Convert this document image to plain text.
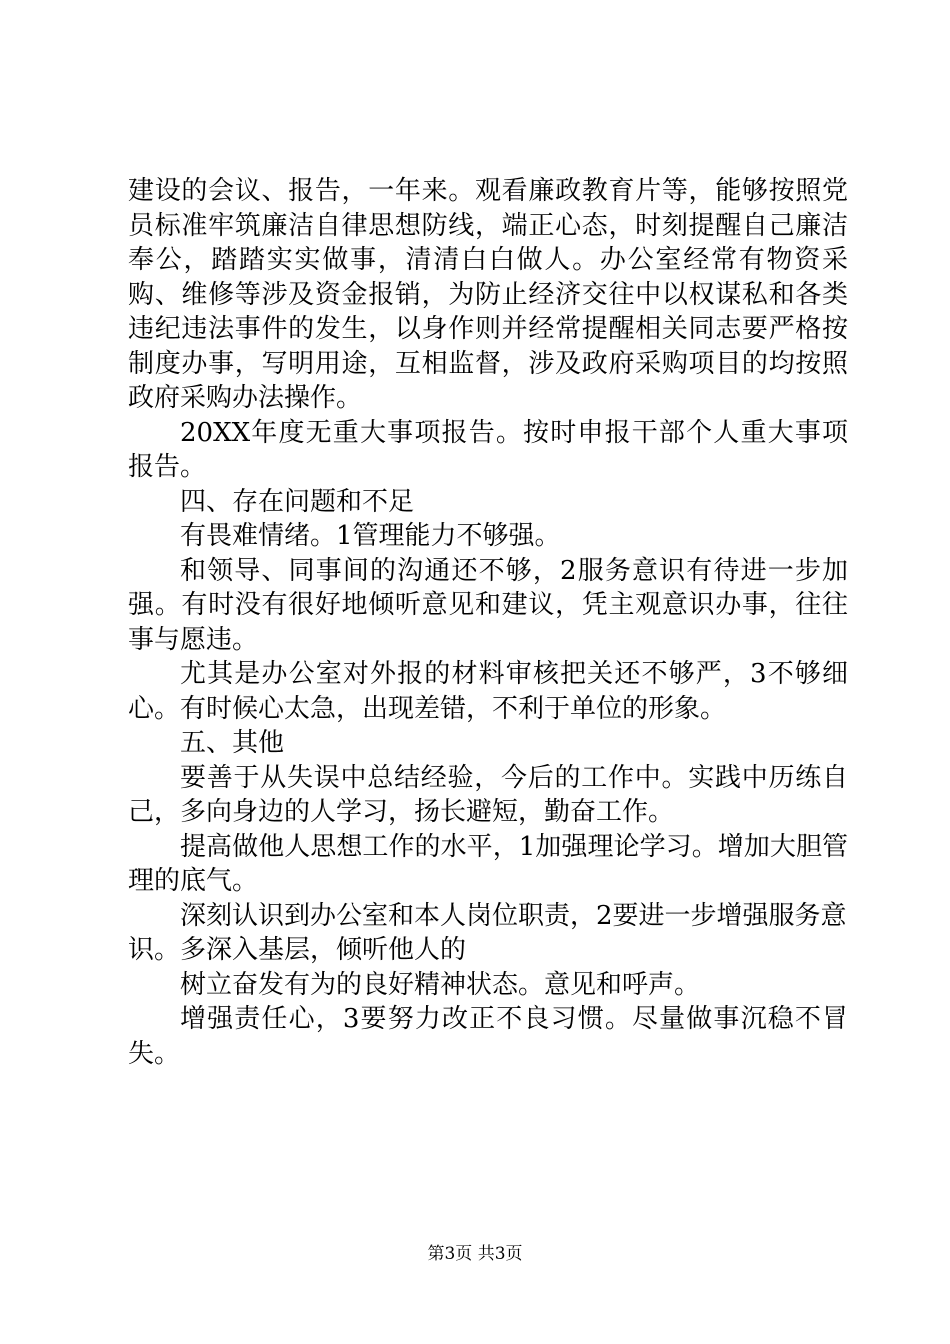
建设的会议、报告，一年来。观看廉政教育片等，能够按照党员标准牢筑廉洁自律思想防线，端正心态，时刻提醒自己廉洁奉公，踏踏实实做事，清清白白做人。办公室经常有物资采购、维修等涉及资金报销，为防止经济交往中以权谋私和各类违纪违法事件的发生，以身作则并经常提醒相关同志要严格按制度办事，写明用途，互相监督，涉及政府采购项目的均按照政府采购办法操作。

20XX年度无重大事项报告。按时申报干部个人重大事项报告。

四、存在问题和不足

有畏难情绪。1管理能力不够强。

和领导、同事间的沟通还不够，2服务意识有待进一步加强。有时没有很好地倾听意见和建议，凭主观意识办事，往往事与愿违。

尤其是办公室对外报的材料审核把关还不够严，3不够细心。有时候心太急，出现差错，不利于单位的形象。

五、其他

要善于从失误中总结经验，今后的工作中。实践中历练自己，多向身边的人学习，扬长避短，勤奋工作。

提高做他人思想工作的水平，1加强理论学习。增加大胆管理的底气。

深刻认识到办公室和本人岗位职责，2要进一步增强服务意识。多深入基层，倾听他人的

树立奋发有为的良好精神状态。意见和呼声。

增强责任心，3要努力改正不良习惯。尽量做事沉稳不冒失。

第3页 共3页
